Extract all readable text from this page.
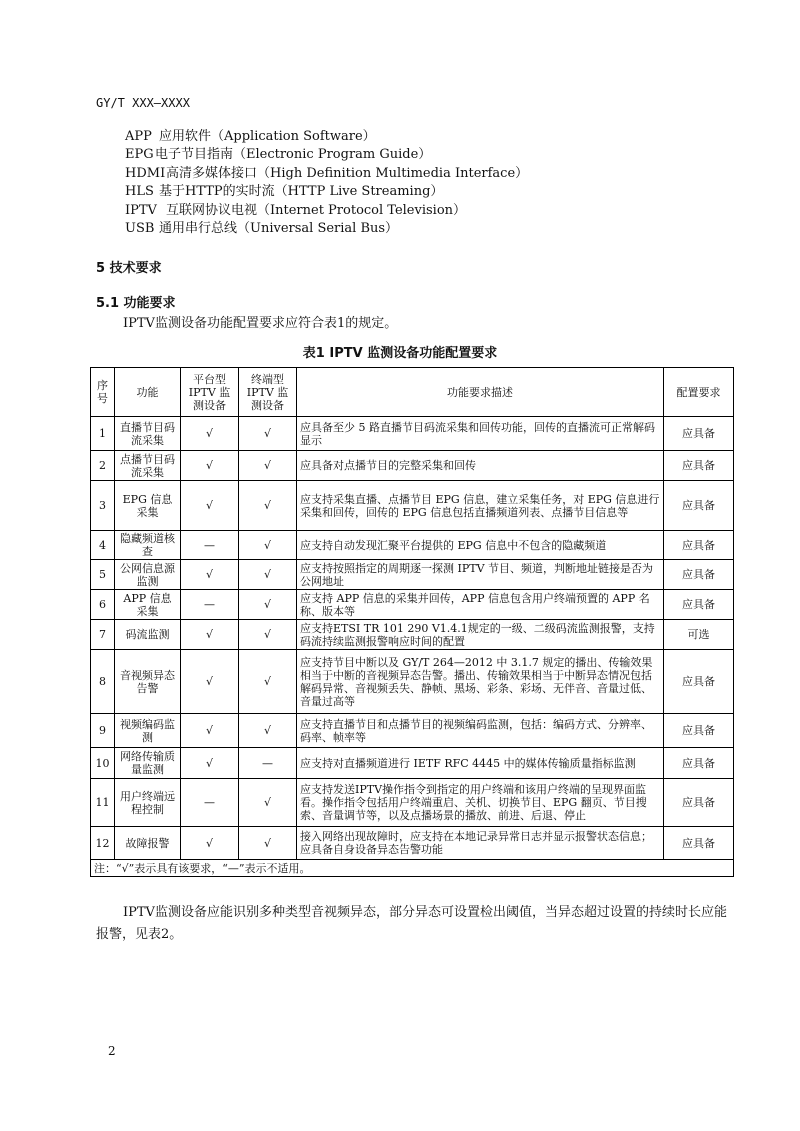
GY/T XXX—XXXX
APP 应用软件（Application Software）
EPG电子节目指南（Electronic Program Guide）
HDMI高清多媒体接口（High Definition Multimedia Interface）
HLS 基于HTTP的实时流（HTTP Live Streaming）
IPTV 互联网协议电视（Internet Protocol Television）
USB 通用串行总线（Universal Serial Bus）
5 技术要求
5.1 功能要求
IPTV监测设备功能配置要求应符合表1的规定。
表1 IPTV 监测设备功能配置要求
序号	功能	平台型IPTV 监测设备	终端型IPTV 监测设备	功能要求描述	配置要求
1	直播节目码流采集	√	√	应具备至少 5 路直播节目码流采集和回传功能，回传的直播流可正常解码显示	应具备
2	点播节目码流采集	√	√	应具备对点播节目的完整采集和回传	应具备
3	EPG 信息采集	√	√	应支持采集直播、点播节目 EPG 信息，建立采集任务，对 EPG 信息进行采集和回传，回传的 EPG 信息包括直播频道列表、点播节目信息等	应具备
4	隐藏频道核查	—	√	应支持自动发现汇聚平台提供的 EPG 信息中不包含的隐藏频道	应具备
5	公网信息源监测	√	√	应支持按照指定的周期逐一探测 IPTV 节目、频道，判断地址链接是否为公网地址	应具备
6	APP 信息采集	—	√	应支持 APP 信息的采集并回传，APP 信息包含用户终端预置的 APP 名称、版本等	应具备
7	码流监测	√	√	应支持ETSI TR 101 290 V1.4.1规定的一级、二级码流监测报警，支持码流持续监测报警响应时间的配置	可选
8	音视频异态告警	√	√	应支持节目中断以及 GY/T 264—2012 中 3.1.7 规定的播出、传输效果相当于中断的音视频异态告警。播出、传输效果相当于中断异态情况包括解码异常、音视频丢失、静帧、黑场、彩条、彩场、无伴音、音量过低、音量过高等	应具备
9	视频编码监测	√	√	应支持直播节目和点播节目的视频编码监测，包括：编码方式、分辨率、码率、帧率等	应具备
10	网络传输质量监测	√	—	应支持对直播频道进行 IETF RFC 4445 中的媒体传输质量指标监测	应具备
11	用户终端远程控制	—	√	应支持发送IPTV操作指令到指定的用户终端和该用户终端的呈现界面监看。操作指令包括用户终端重启、关机、切换节目、EPG 翻页、节目搜索、音量调节等，以及点播场景的播放、前进、后退、停止	应具备
12	故障报警	√	√	接入网络出现故障时，应支持在本地记录异常日志并显示报警状态信息；应具备自身设备异态告警功能	应具备
注：“√”表示具有该要求，“—”表示不适用。					
IPTV监测设备应能识别多种类型音视频异态，部分异态可设置检出阈值，当异态超过设置的持续时长应能报警，见表2。
2
